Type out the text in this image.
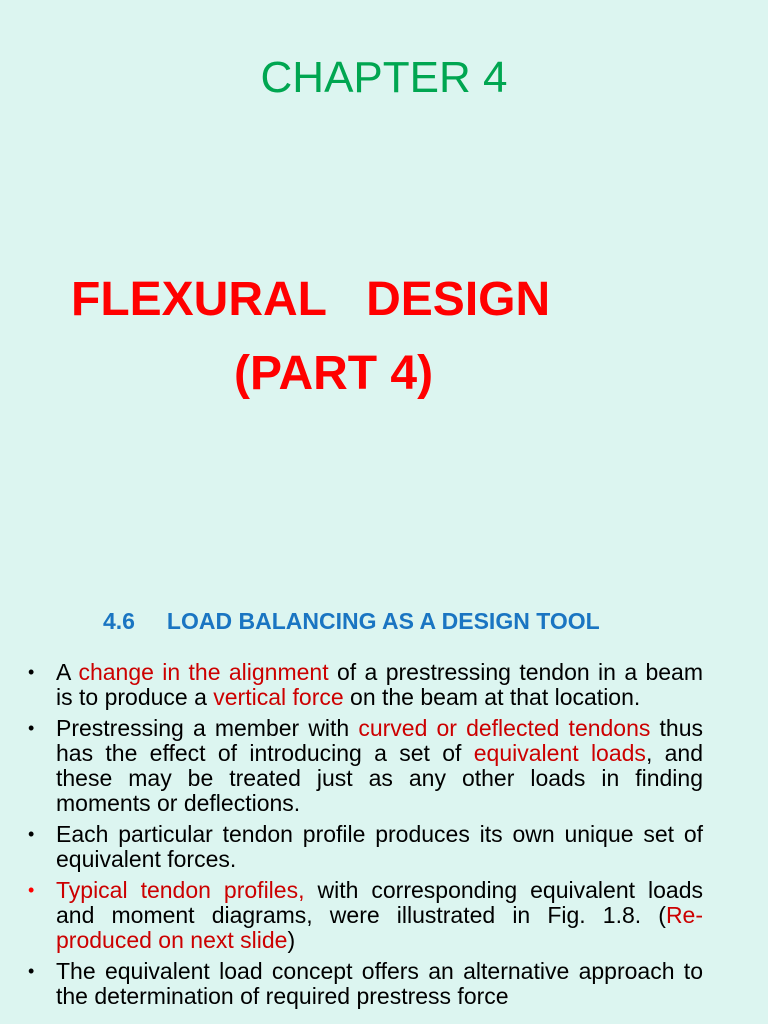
CHAPTER 4
FLEXURAL   DESIGN
(PART 4)
4.6     LOAD BALANCING AS A DESIGN TOOL
• A change in the alignment of a prestressing tendon in a beam is to produce a vertical force on the beam at that location.
• Prestressing a member with curved or deflected tendons thus has the effect of introducing a set of equivalent loads, and these may be treated just as any other loads in finding moments or deflections.
• Each particular tendon profile produces its own unique set of equivalent forces.
• Typical tendon profiles, with corresponding equivalent loads and moment diagrams, were illustrated in Fig. 1.8. (Re-produced on next slide)
• The equivalent load concept offers an alternative approach to the determination of required prestress force
